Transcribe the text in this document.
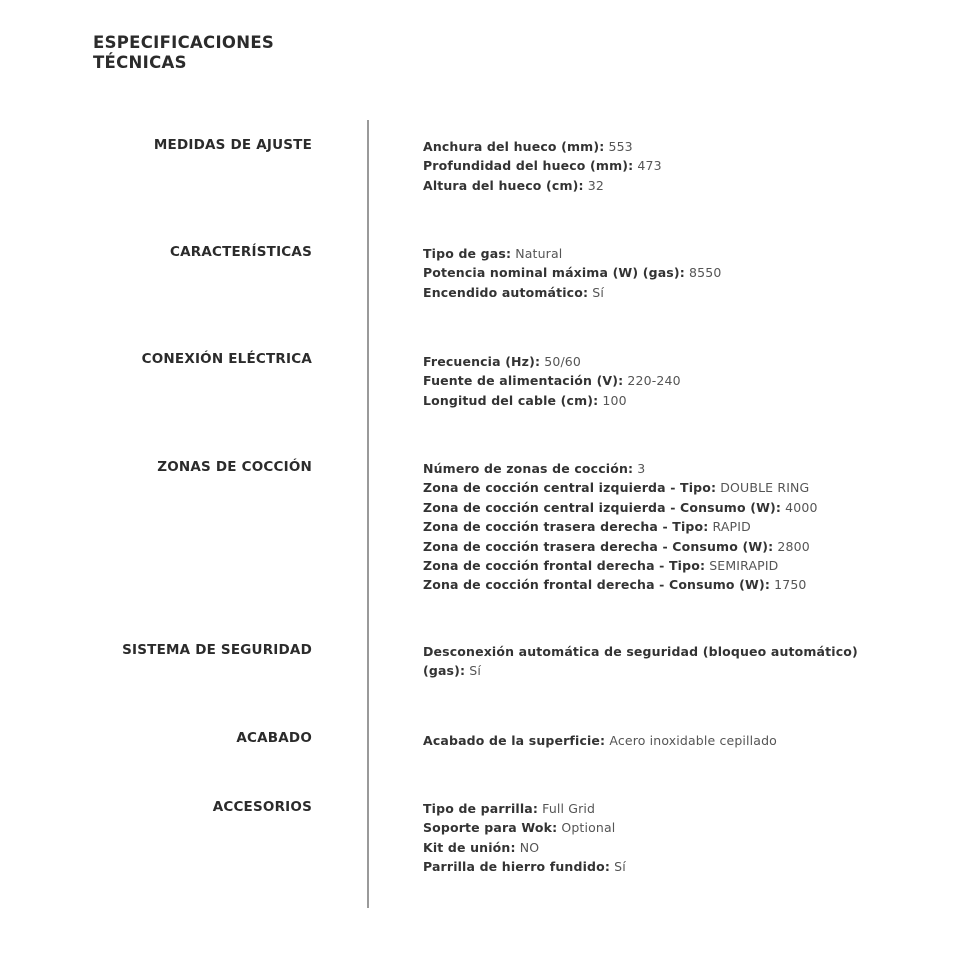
ESPECIFICACIONES
TÉCNICAS
MEDIDAS DE AJUSTE	Anchura del hueco (mm): 553
Profundidad del hueco (mm): 473
Altura del hueco (cm): 32
CARACTERÍSTICAS	Tipo de gas: Natural
Potencia nominal máxima (W) (gas): 8550
Encendido automático: Sí
CONEXIÓN ELÉCTRICA	Frecuencia (Hz): 50/60
Fuente de alimentación (V): 220-240
Longitud del cable (cm): 100
ZONAS DE COCCIÓN	Número de zonas de cocción: 3
Zona de cocción central izquierda - Tipo: DOUBLE RING
Zona de cocción central izquierda - Consumo (W): 4000
Zona de cocción trasera derecha - Tipo: RAPID
Zona de cocción trasera derecha - Consumo (W): 2800
Zona de cocción frontal derecha - Tipo: SEMIRAPID
Zona de cocción frontal derecha - Consumo (W): 1750
SISTEMA DE SEGURIDAD	Desconexión automática de seguridad (bloqueo automático) (gas): Sí
ACABADO	Acabado de la superficie: Acero inoxidable cepillado
ACCESORIOS	Tipo de parrilla: Full Grid
Soporte para Wok: Optional
Kit de unión: NO
Parrilla de hierro fundido: Sí
